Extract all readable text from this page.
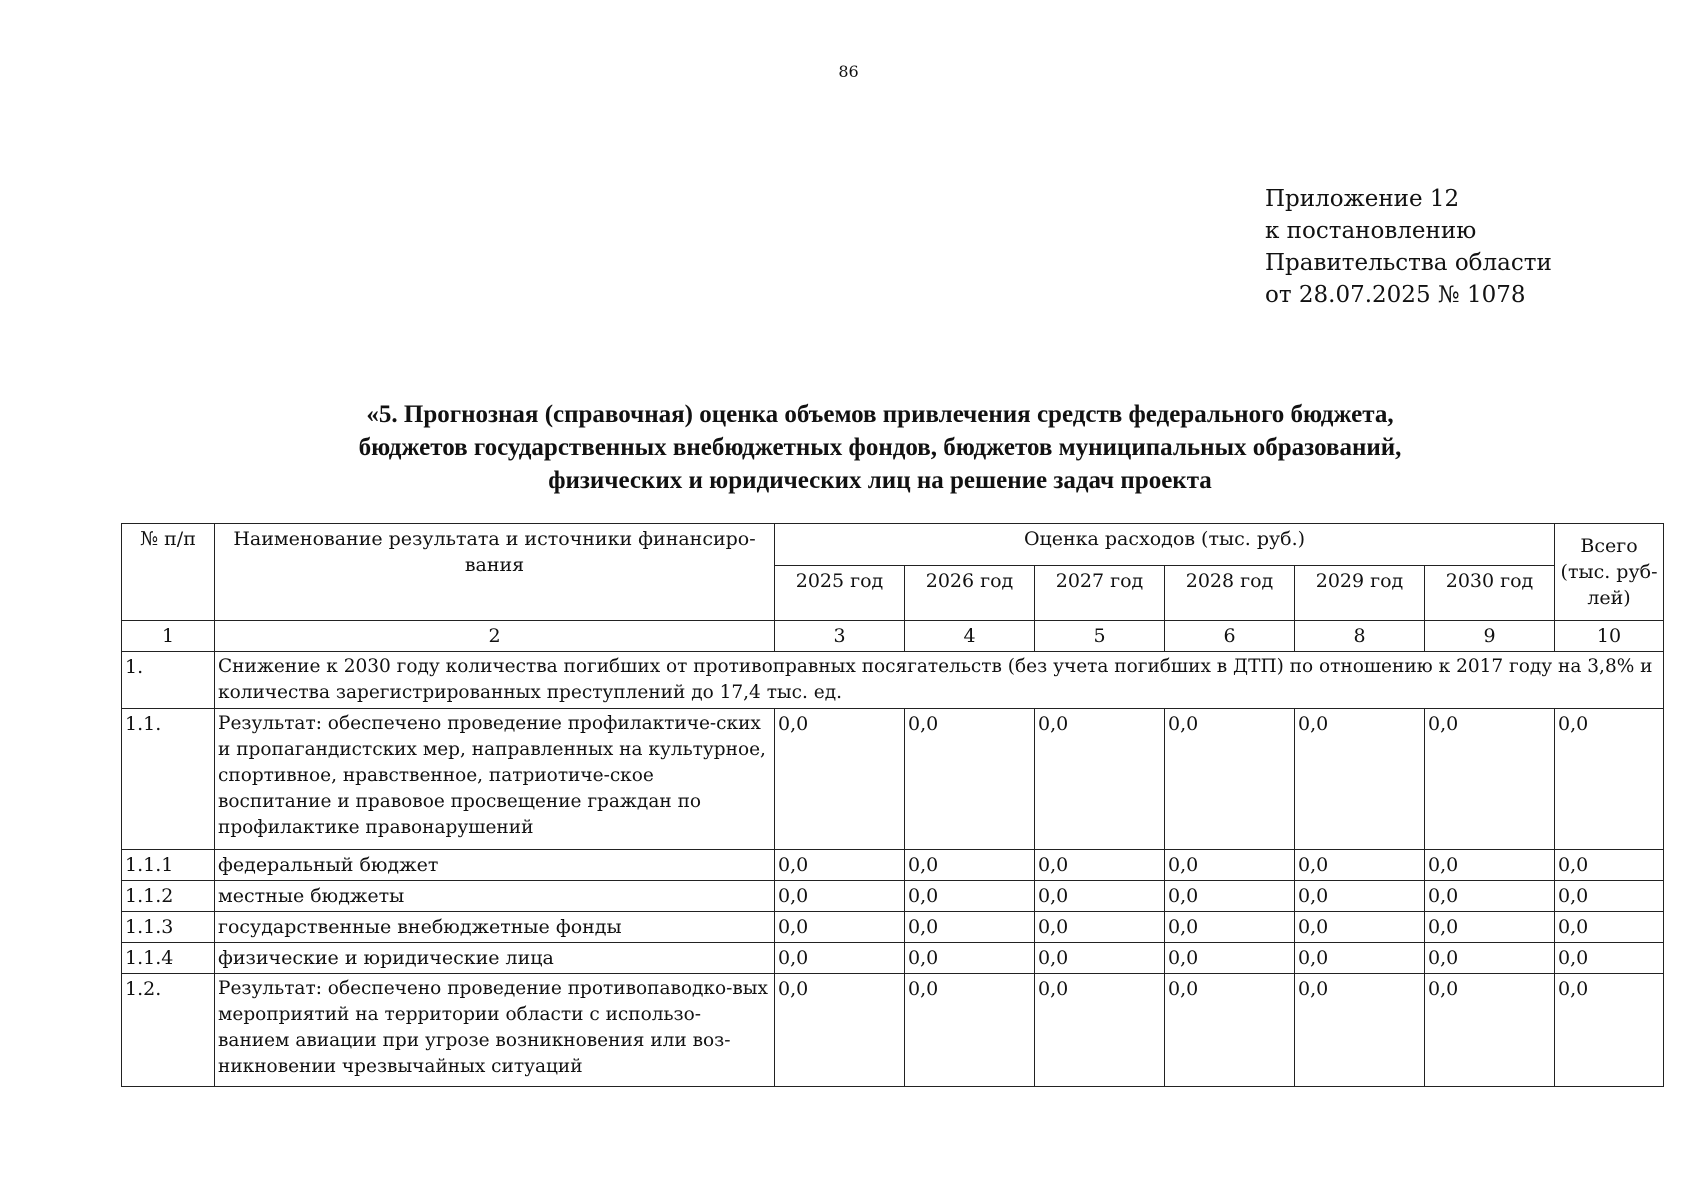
86
Приложение 12
к постановлению
Правительства области
от 28.07.2025 № 1078
«5. Прогнозная (справочная) оценка объемов привлечения средств федерального бюджета,
бюджетов государственных внебюджетных фондов, бюджетов муниципальных образований,
физических и юридических лиц на решение задач проекта
№ п/п	Наименование результата и источники финансиро-вания	Оценка расходов (тыс. руб.)						Всего (тыс. руб-лей)
		2025 год	2026 год	2027 год	2028 год	2029 год	2030 год	
1	2	3	4	5	6	8	9	10
1.	Снижение к 2030 году количества погибших от противоправных посягательств (без учета погибших в ДТП) по отношению к 2017 году на 3,8% и количества зарегистрированных преступлений до 17,4 тыс. ед.							
1.1.	Результат: обеспечено проведение профилактиче-ских и пропагандистских мер, направленных на культурное, спортивное, нравственное, патриотиче-ское воспитание и правовое просвещение граждан по профилактике правонарушений	0,0	0,0	0,0	0,0	0,0	0,0	0,0
1.1.1	федеральный бюджет	0,0	0,0	0,0	0,0	0,0	0,0	0,0
1.1.2	местные бюджеты	0,0	0,0	0,0	0,0	0,0	0,0	0,0
1.1.3	государственные внебюджетные фонды	0,0	0,0	0,0	0,0	0,0	0,0	0,0
1.1.4	физические и юридические лица	0,0	0,0	0,0	0,0	0,0	0,0	0,0
1.2.	Результат: обеспечено проведение противопаводко-вых мероприятий на территории области с использо-ванием авиации при угрозе возникновения или воз-никновении чрезвычайных ситуаций	0,0	0,0	0,0	0,0	0,0	0,0	0,0
